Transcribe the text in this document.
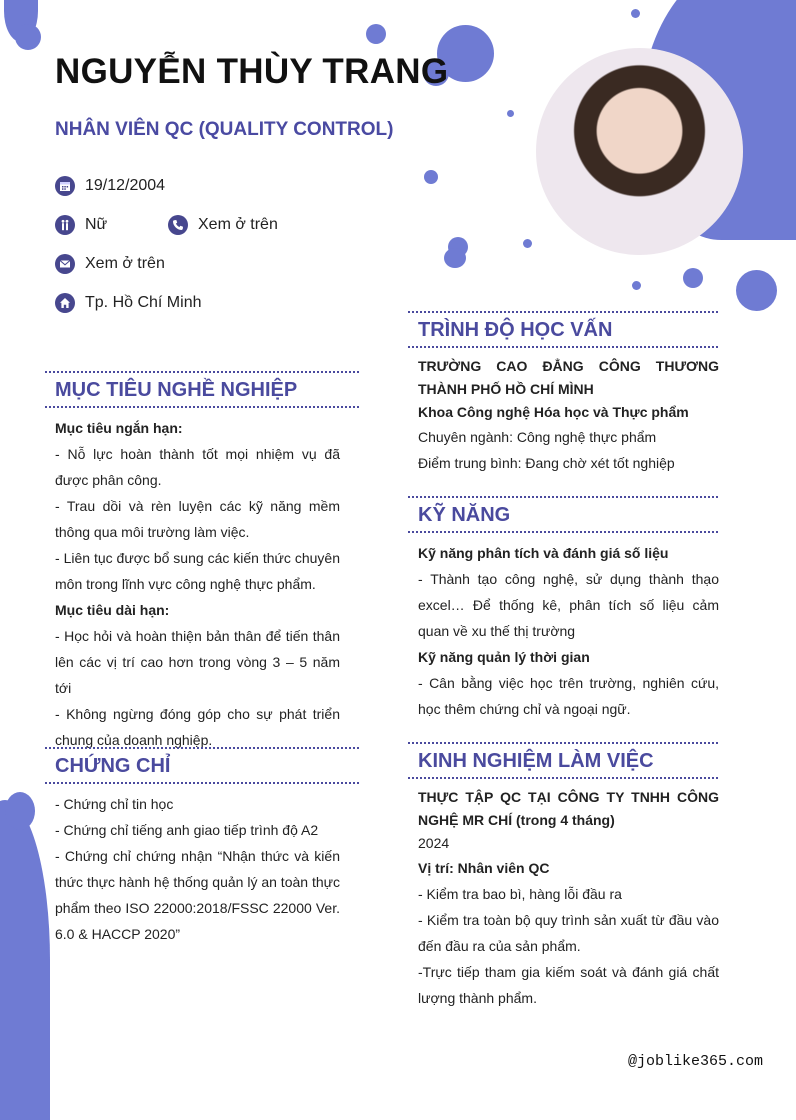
NGUYỄN THÙY TRANG
NHÂN VIÊN QC (QUALITY CONTROL)
19/12/2004
Nữ	Xem ở trên
Xem ở trên
Tp. Hồ Chí Minh
MỤC TIÊU NGHỀ NGHIỆP

Mục tiêu ngắn hạn:

- Nỗ lực hoàn thành tốt mọi nhiệm vụ đã được phân công.

- Trau dồi và rèn luyện các kỹ năng mềm thông qua môi trường làm việc.

- Liên tục được bổ sung các kiến thức chuyên môn trong lĩnh vực công nghệ thực phẩm.

Mục tiêu dài hạn:

- Học hỏi và hoàn thiện bản thân để tiến thân lên các vị trí cao hơn trong vòng 3 – 5 năm tới

- Không ngừng đóng góp cho sự phát triển chung của doanh nghiệp.

CHỨNG CHỈ

- Chứng chỉ tin học

- Chứng chỉ tiếng anh giao tiếp trình độ A2

- Chứng chỉ chứng nhận “Nhận thức và kiến thức thực hành hệ thống quản lý an toàn thực phẩm theo ISO 22000:2018/FSSC 22000 Ver. 6.0 & HACCP 2020”

TRÌNH ĐỘ HỌC VẤN

TRƯỜNG CAO ĐẲNG CÔNG THƯƠNG THÀNH PHỐ HỒ CHÍ MÌNH

Khoa Công nghệ Hóa học và Thực phẩm

Chuyên ngành: Công nghệ thực phẩm

Điểm trung bình: Đang chờ xét tốt nghiệp

KỸ NĂNG

Kỹ năng phân tích và đánh giá số liệu

- Thành tạo công nghệ, sử dụng thành thạo excel… Để thống kê, phân tích số liệu cảm quan về xu thế thị trường

Kỹ năng quản lý thời gian

- Cân bằng việc học trên trường, nghiên cứu, học thêm chứng chỉ và ngoại ngữ.

KINH NGHIỆM LÀM VIỆC

THỰC TẬP QC TẠI CÔNG TY TNHH CÔNG NGHỆ MR CHÍ (trong 4 tháng)

2024

Vị trí: Nhân viên QC

- Kiểm tra bao bì, hàng lỗi đầu ra

- Kiểm tra toàn bộ quy trình sản xuất từ đầu vào đến đầu ra của sản phẩm.

-Trực tiếp tham gia kiếm soát và đánh giá chất lượng thành phẩm.

@joblike365.com
